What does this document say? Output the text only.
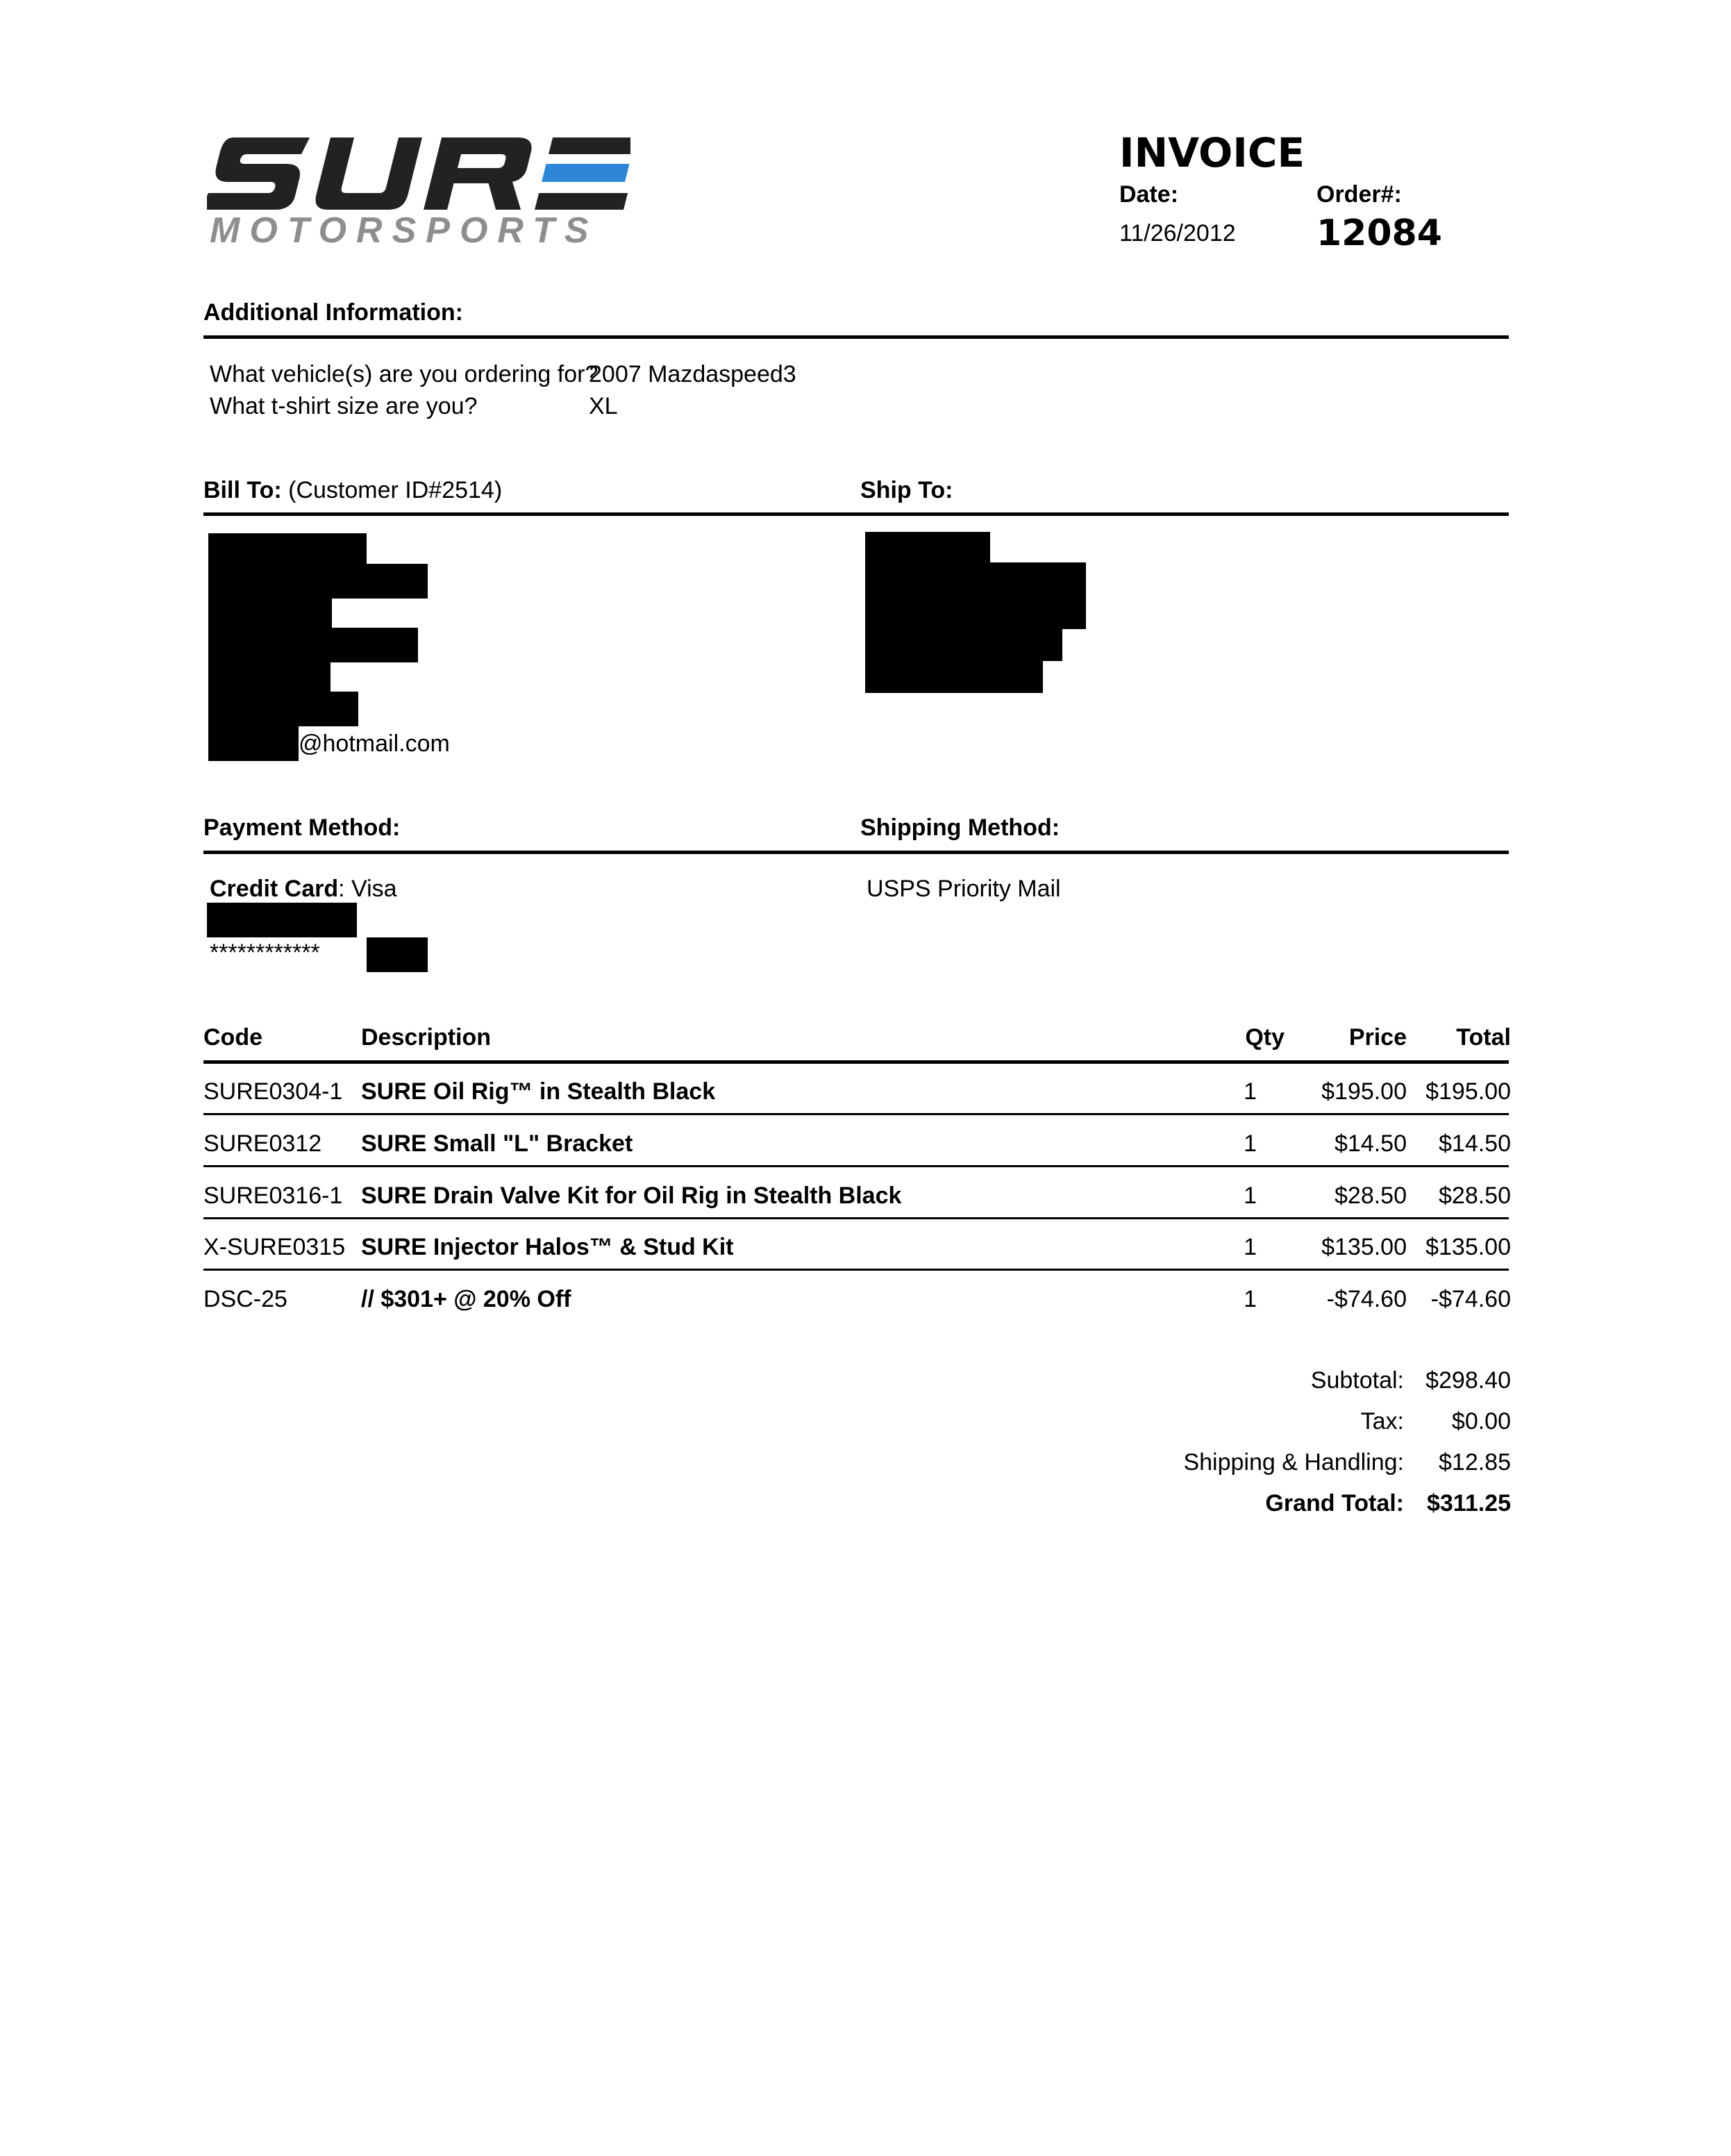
MOTORSPORTS
INVOICE
Date:	Order#:
11/26/2012 12084
Additional Information:
What vehicle(s) are you ordering for?
2007 Mazdaspeed3
What t-shirt size are you?	XL
Bill To: (Customer ID#2514)	Ship To:
@hotmail.com
Payment Method:	Shipping Method:
Credit Card: Visa
************
USPS Priority Mail
Code	Description	Qty	Price	Total
SURE0304-1 SURE Oil Rig™ in Stealth Black	1	$195.00 $195.00
SURE0312 SURE Small "L" Bracket	1	$14.50	$14.50
SURE0316-1 SURE Drain Valve Kit for Oil Rig in Stealth Black	1	$28.50	$28.50
X-SURE0315 SURE Injector Halos™ & Stud Kit	1	$135.00 $135.00
DSC-25	// $301+ @ 20% Off	1	-$74.60	-$74.60
Subtotal: $298.40
Tax:	$0.00
Shipping & Handling:	$12.85
Grand Total: $311.25
